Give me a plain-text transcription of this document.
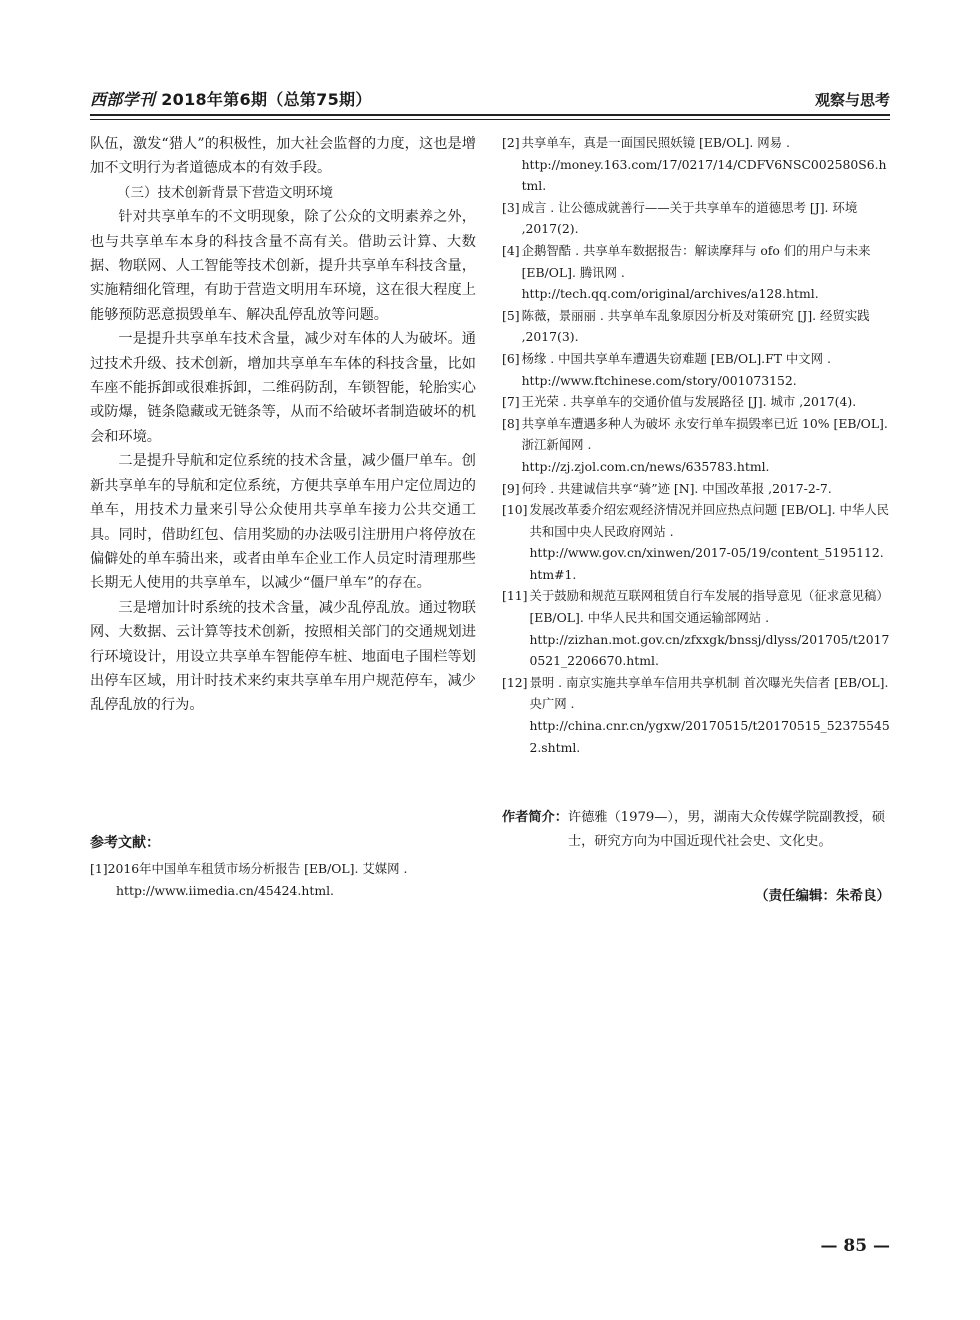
西部学刊 2018年第6期（总第75期）	观察与思考

队伍，激发“猎人”的积极性，加大社会监督的力度，这也是增加不文明行为者道德成本的有效手段。

（三）技术创新背景下营造文明环境

针对共享单车的不文明现象，除了公众的文明素养之外，也与共享单车本身的科技含量不高有关。借助云计算、大数据、物联网、人工智能等技术创新，提升共享单车科技含量，实施精细化管理，有助于营造文明用车环境，这在很大程度上能够预防恶意损毁单车、解决乱停乱放等问题。

一是提升共享单车技术含量，减少对车体的人为破坏。通过技术升级、技术创新，增加共享单车车体的科技含量，比如车座不能拆卸或很难拆卸，二维码防刮，车锁智能，轮胎实心或防爆，链条隐藏或无链条等，从而不给破坏者制造破坏的机会和环境。

二是提升导航和定位系统的技术含量，减少僵尸单车。创新共享单车的导航和定位系统，方便共享单车用户定位周边的单车，用技术力量来引导公众使用共享单车接力公共交通工具。同时，借助红包、信用奖励的办法吸引注册用户将停放在偏僻处的单车骑出来，或者由单车企业工作人员定时清理那些长期无人使用的共享单车，以减少“僵尸单车”的存在。

三是增加计时系统的技术含量，减少乱停乱放。通过物联网、大数据、云计算等技术创新，按照相关部门的交通规划进行环境设计，用设立共享单车智能停车桩、地面电子围栏等划出停车区域，用计时技术来约束共享单车用户规范停车，减少乱停乱放的行为。

参考文献：

[1]2016年中国单车租赁市场分析报告 [EB/OL]. 艾媒网 .

http://www.iimedia.cn/45424.html.

[2] 共享单车，真是一面国民照妖镜 [EB/OL]. 网易 .
http://money.163.com/17/0217/14/CDFV6NSC002580S6.html.
[3] 成言 . 让公德成就善行——关于共享单车的道德思考 [J]. 环境 ,2017(2).
[4] 企鹅智酷 . 共享单车数据报告：解读摩拜与 ofo 们的用户与未来 [EB/OL]. 腾讯网 .
http://tech.qq.com/original/archives/a128.html.
[5] 陈薇，景丽丽 . 共享单车乱象原因分析及对策研究 [J]. 经贸实践 ,2017(3).
[6] 杨缘 . 中国共享单车遭遇失窃难题 [EB/OL].FT 中文网 .
http://www.ftchinese.com/story/001073152.
[7] 王光荣 . 共享单车的交通价值与发展路径 [J]. 城市 ,2017(4).
[8] 共享单车遭遇多种人为破坏 永安行单车损毁率已近 10% [EB/OL]. 浙江新闻网 .
http://zj.zjol.com.cn/news/635783.html.
[9] 何玲 . 共建诚信共享“骑”迹 [N]. 中国改革报 ,2017-2-7.
[10] 发展改革委介绍宏观经济情况并回应热点问题 [EB/OL]. 中华人民共和国中央人民政府网站 .
http://www.gov.cn/xinwen/2017-05/19/content_5195112.htm#1.
[11] 关于鼓励和规范互联网租赁自行车发展的指导意见（征求意见稿）[EB/OL]. 中华人民共和国交通运输部网站 .
http://zizhan.mot.gov.cn/zfxxgk/bnssj/dlyss/201705/t20170521_2206670.html.
[12] 景明 . 南京实施共享单车信用共享机制 首次曝光失信者 [EB/OL]. 央广网 .
http://china.cnr.cn/ygxw/20170515/t20170515_523755452.shtml.
作者简介： 许德雅（1979—），男，湖南大众传媒学院副教授，硕士，研究方向为中国近现代社会史、文化史。
（责任编辑：朱希良）
— 85 —
